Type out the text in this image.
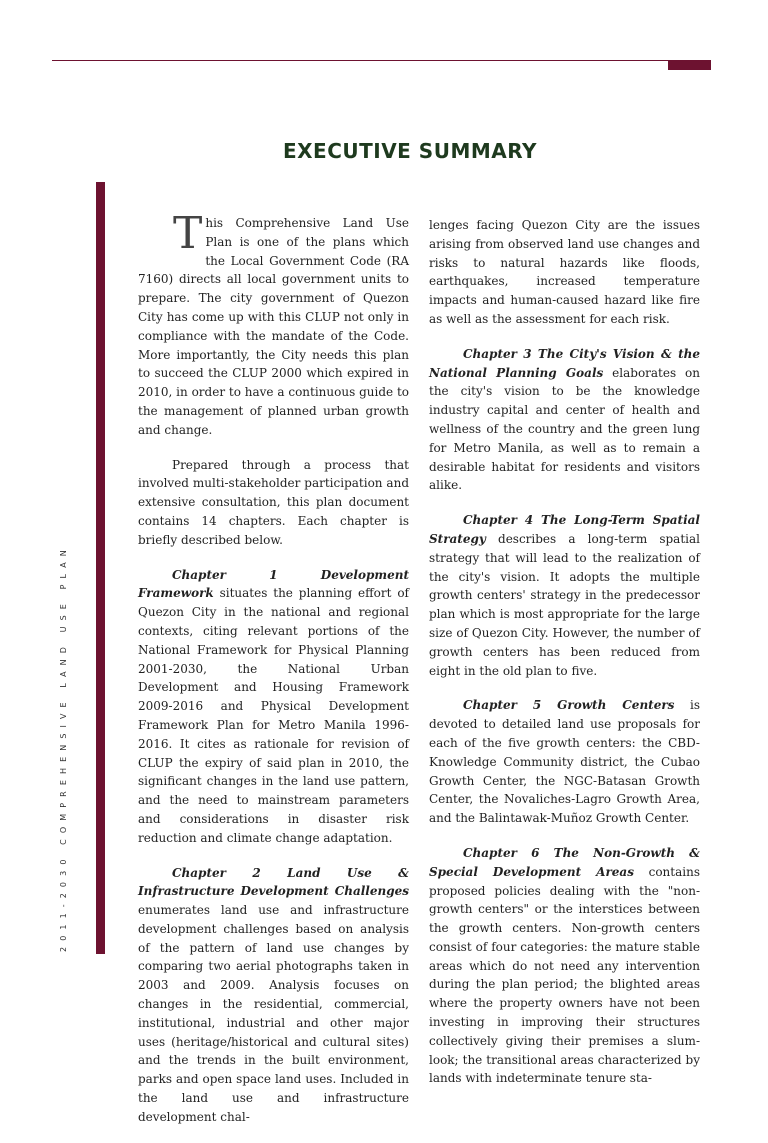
EXECUTIVE SUMMARY
2011-2030 COMPREHENSIVE LAND USE PLAN

This Comprehensive Land Use Plan is one of the plans which the Local Government Code (RA 7160) directs all local government units to prepare. The city government of Quezon City has come up with this CLUP not only in compliance with the mandate of the Code. More importantly, the City needs this plan to succeed the CLUP 2000 which expired in 2010, in order to have a continuous guide to the management of planned urban growth and change.

Prepared through a process that involved multi-stakeholder participation and extensive consultation, this plan document contains 14 chapters. Each chapter is briefly described below.

Chapter 1 Development Framework situates the planning effort of Quezon City in the national and regional contexts, citing relevant portions of the National Framework for Physical Planning 2001-2030, the National Urban Development and Housing Framework 2009-2016 and Physical Development Framework Plan for Metro Manila 1996-2016. It cites as rationale for revision of CLUP the expiry of said plan in 2010, the significant changes in the land use pattern, and the need to mainstream parameters and considerations in disaster risk reduction and climate change adaptation.

Chapter 2 Land Use & Infrastructure Development Challenges enumerates land use and infrastructure development challenges based on analysis of the pattern of land use changes by comparing two aerial photographs taken in 2003 and 2009. Analysis focuses on changes in the residential, commercial, institutional, industrial and other major uses (heritage/historical and cultural sites) and the trends in the built environment, parks and open space land uses. Included in the land use and infrastructure development chal-

lenges facing Quezon City are the issues arising from observed land use changes and risks to natural hazards like floods, earthquakes, increased temperature impacts and human-caused hazard like fire as well as the assessment for each risk.

Chapter 3 The City's Vision & the National Planning Goals elaborates on the city's vision to be the knowledge industry capital and center of health and wellness of the country and the green lung for Metro Manila, as well as to remain a desirable habitat for residents and visitors alike.

Chapter 4 The Long-Term Spatial Strategy describes a long-term spatial strategy that will lead to the realization of the city's vision. It adopts the multiple growth centers' strategy in the predecessor plan which is most appropriate for the large size of Quezon City. However, the number of growth centers has been reduced from eight in the old plan to five.

Chapter 5 Growth Centers is devoted to detailed land use proposals for each of the five growth centers: the CBD-Knowledge Community district, the Cubao Growth Center, the NGC-Batasan Growth Center, the Novaliches-Lagro Growth Area, and the Balintawak-Muñoz Growth Center.

Chapter 6 The Non-Growth & Special Development Areas contains proposed policies dealing with the "non-growth centers" or the interstices between the growth centers. Non-growth centers consist of four categories: the mature stable areas which do not need any intervention during the plan period; the blighted areas where the property owners have not been investing in improving their structures collectively giving their premises a slum-look; the transitional areas characterized by lands with indeterminate tenure sta-
